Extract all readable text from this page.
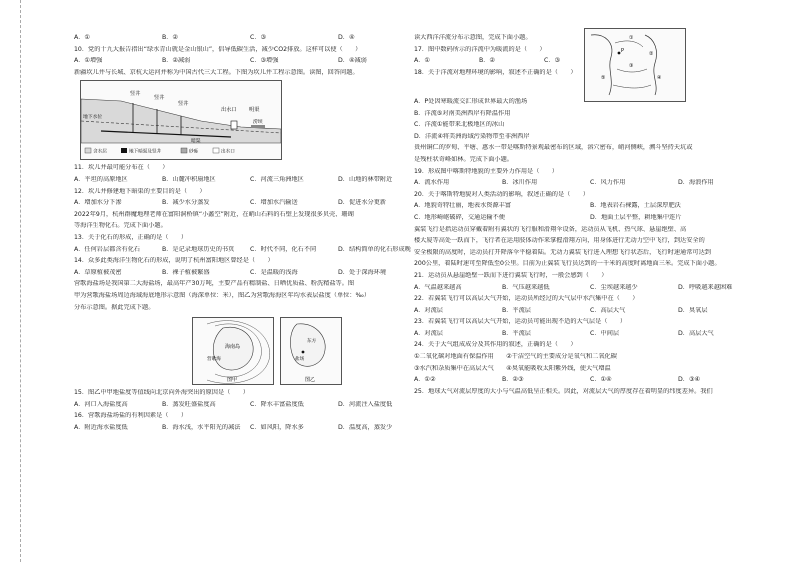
A．①	B．②	C．③	D．④
10．党的十九大报告指出“绿水青山就是金山银山”，倡导低碳生活，减少CO2排放。这样可以使（　　）
A．①增强	B．②减弱	C．③增强	D．④减弱
新疆坎儿井与长城、京杭大运河并称为中国古代三大工程。下图为坎儿井工程示意图。读图，回答问题。
竖井
竖井
竖井
出水口 明渠
地下水位
暗渠
涝坝
含水层	地下暗渠及竖井	砂砾	出水口
11．坎儿井最可能分布在（　　）
A．平坦的高原地区	B．山麓冲积扇地区	C．河流三角洲地区	D．山地的林带附近
12．坎儿井修建地下暗渠的主要目的是（　　）
A．增加水分下渗	B．减少水分蒸发	C．增加水汽输送	D．促进水分更新
2022年9月，杭州群魔地理老师在富阳洞桥镇“小蠡空”附近，在峭山石料的石壁上发现很多贝壳、珊瑚
等海洋生物化石。完成下面小题。
13．关于化石的形成，正确的是（　　）
A．任何岩层都含有化石	B．是记录地球历史的书页	C．时代不同，化石不同	D．结构简单的化石形成晚
14．众多此类海洋生物化石的形成，说明了杭州富阳地区曾经是（　　）
A．草原植被茂密	B．裸子植被繁盛	C．是温暖的浅海	D．处于深海环境
营歌海盐场是我国第二大海盐场，最高年产30万吨，主要产品有精制盐、日晒优质盐、粉洗精盐等。图
甲为营歌海盐场周边海域海底地形示意图（海深单位：米），图乙为营歌海海区年均水表层盐度（单位：‰）
分布示意图。据此完成下题。
海南岛
营歌海
图甲
东方
盐场
图乙
15．图乙中甲地盐度等值线向北京向外海突出的原因是（　　）
A．河口入海盐度高	B．蒸发旺盛盐度高	C．降水丰富盐度低	D．河流注入盐度低
16．营歌海盐场盐的有利因素是（　　）
A．附近海水盐度低	B．海水浅，水平阳光的减法	C．如风阳，降水多	D．温度高，蒸发少
读大西洋洋流分布示意图，完成下面小题。
17．图中数码所示的洋流中为暖流的是（　　）
A．①	B．②	C．③
18．关于洋流对地理环境的影响，叙述不正确的是（　　）
P
①
②
③
④
⑤
A．P处因寒暖流交汇形成世界最大的渔场
B．洋流⑤对南美洲西岸有降温作用
C．洋流①能带来北极地区的冰山
D．洋流④将美洲海域污染物带至非洲西岸
贵州铜仁的罗甸、平塘、惠水一带是喀斯特景观最密布的区域，溶穴密布，峭河侧峡，溯斗坚持天坑或
是残柱状奇峰如林。完成下面小题。
19．形成图中喀斯特地貌的主要外力作用是（　　）
A．流水作用	B．冰川作用	C．风力作用	D．海浪作用
20．关于喀斯特地貌对人类活动的影响，叙述正确的是（　　）
A．地貌奇特壮丽，地表水资源丰富	B．地表岩石裸露，土层深厚肥沃
C．地形崎岖破碎，交通运输不便	D．地面土层平整，耕地集中连片
翼装飞行是指运动员穿戴着附有翼状的飞行服和滑翔伞设备，运动员从飞机、热气球、悬崖绝壁、高
楼大厦等高处一跃而下，飞行者在运用肢体动作来掌握滑翔方向，用身体进行无动力空中飞行，到达安全的
安全极限的高度时，运动员打开降落伞平稳着陆。无动力翼装飞行进入理想飞行状态后，飞行时速通常可达到
200公里，着陆时速可至降低至0公里。目前为止翼装飞行员达到的一千米的高度时离地面三米。完成下面小题。
21．运动员从悬崖绝壁一跃而下进行翼装飞行时，一般会感到（　　）
A．气温越来越高	B．气压越来越低	C．尘埃越来越少	D．呼吸越来越困难
22．若翼装飞行可以高层大气开始，运动员所经过的大气层中水汽集中在（　　）
A．对流层	B．平流层	C．高层大气	D．臭氧层
23．若翼装飞行可以高层大气开始，运动员可能出现不适的大气层是（　　）
A．对流层	B．平流层	C．中间层	D．高层大气
24．关于大气组成成分及其作用的叙述，正确的是（　　）
①二氧化碳对地面有保温作用　　②干洁空气的主要成分是氧气和二氧化碳
③水汽和杂质集中在高层大气　　④臭氧能吸收太阳紫外线，使大气增温
A．①②	B．②③	C．①④	D．③④
25．地球大气对流层厚度的大小与气温高低呈正相关。因此，对流层大气的厚度存在着明显的纬度差异。我们
